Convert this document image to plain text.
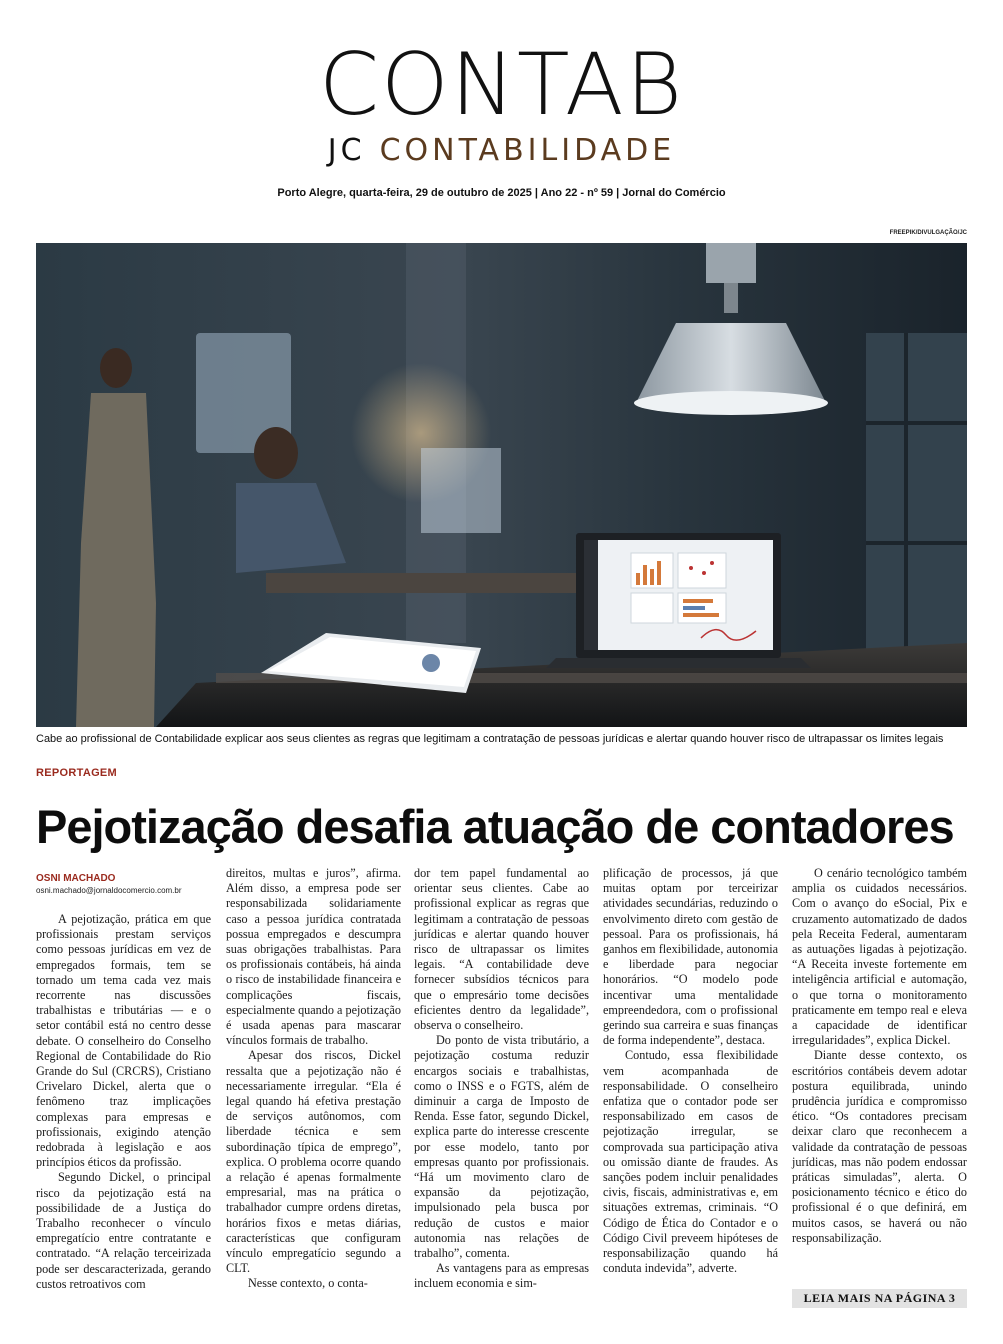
CONTAB
JC CONTABILIDADE
Porto Alegre, quarta-feira, 29 de outubro de 2025 | Ano 22 - nº 59 | Jornal do Comércio
FREEPIK/DIVULGAÇÃO/JC
Cabe ao profissional de Contabilidade explicar aos seus clientes as regras que legitimam a contratação de pessoas jurídicas e alertar quando houver risco de ultrapassar os limites legais
REPORTAGEM
Pejotização desafia atuação de contadores
OSNI MACHADO
osni.machado@jornaldocomercio.com.br

A pejotização, prática em que profissionais prestam serviços como pessoas jurídicas em vez de empregados formais, tem se tornado um tema cada vez mais recorrente nas discussões trabalhistas e tributárias — e o setor contábil está no centro desse debate. O conselheiro do Conselho Regional de Contabilidade do Rio Grande do Sul (CRCRS), Cristiano Crivelaro Dickel, alerta que o fenômeno traz implicações complexas para empresas e profissionais, exigindo atenção redobrada à legislação e aos princípios éticos da profissão.

Segundo Dickel, o principal risco da pejotização está na possibilidade de a Justiça do Trabalho reconhecer o vínculo empregatício entre contratante e contratado. “A relação terceirizada pode ser descaracterizada, gerando custos retroativos com

direitos, multas e juros”, afirma. Além disso, a empresa pode ser responsabilizada solidariamente caso a pessoa jurídica contratada possua empregados e descumpra suas obrigações trabalhistas. Para os profissionais contábeis, há ainda o risco de instabilidade financeira e complicações fiscais, especialmente quando a pejotização é usada apenas para mascarar vínculos formais de trabalho.

Apesar dos riscos, Dickel ressalta que a pejotização não é necessariamente irregular. “Ela é legal quando há efetiva prestação de serviços autônomos, com liberdade técnica e sem subordinação típica de emprego”, explica. O problema ocorre quando a relação é apenas formalmente empresarial, mas na prática o trabalhador cumpre ordens diretas, horários fixos e metas diárias, características que configuram vínculo empregatício segundo a CLT.

Nesse contexto, o conta-

dor tem papel fundamental ao orientar seus clientes. Cabe ao profissional explicar as regras que legitimam a contratação de pessoas jurídicas e alertar quando houver risco de ultrapassar os limites legais. “A contabilidade deve fornecer subsídios técnicos para que o empresário tome decisões eficientes dentro da legalidade”, observa o conselheiro.

Do ponto de vista tributário, a pejotização costuma reduzir encargos sociais e trabalhistas, como o INSS e o FGTS, além de diminuir a carga de Imposto de Renda. Esse fator, segundo Dickel, explica parte do interesse crescente por esse modelo, tanto por empresas quanto por profissionais. “Há um movimento claro de expansão da pejotização, impulsionado pela busca por redução de custos e maior autonomia nas relações de trabalho”, comenta.

As vantagens para as empresas incluem economia e sim-

plificação de processos, já que muitas optam por terceirizar atividades secundárias, reduzindo o envolvimento direto com gestão de pessoal. Para os profissionais, há ganhos em flexibilidade, autonomia e liberdade para negociar honorários. “O modelo pode incentivar uma mentalidade empreendedora, com o profissional gerindo sua carreira e suas finanças de forma independente”, destaca.

Contudo, essa flexibilidade vem acompanhada de responsabilidade. O conselheiro enfatiza que o contador pode ser responsabilizado em casos de pejotização irregular, se comprovada sua participação ativa ou omissão diante de fraudes. As sanções podem incluir penalidades civis, fiscais, administrativas e, em situações extremas, criminais. “O Código de Ética do Contador e o Código Civil preveem hipóteses de responsabilização quando há conduta indevida”, adverte.

O cenário tecnológico também amplia os cuidados necessários. Com o avanço do eSocial, Pix e cruzamento automatizado de dados pela Receita Federal, aumentaram as autuações ligadas à pejotização. “A Receita investe fortemente em inteligência artificial e automação, o que torna o monitoramento praticamente em tempo real e eleva a capacidade de identificar irregularidades”, explica Dickel.

Diante desse contexto, os escritórios contábeis devem adotar postura equilibrada, unindo prudência jurídica e compromisso ético. “Os contadores precisam deixar claro que reconhecem a validade da contratação de pessoas jurídicas, mas não podem endossar práticas simuladas”, alerta. O posicionamento técnico e ético do profissional é o que definirá, em muitos casos, se haverá ou não responsabilização.

LEIA MAIS NA PÁGINA 3
